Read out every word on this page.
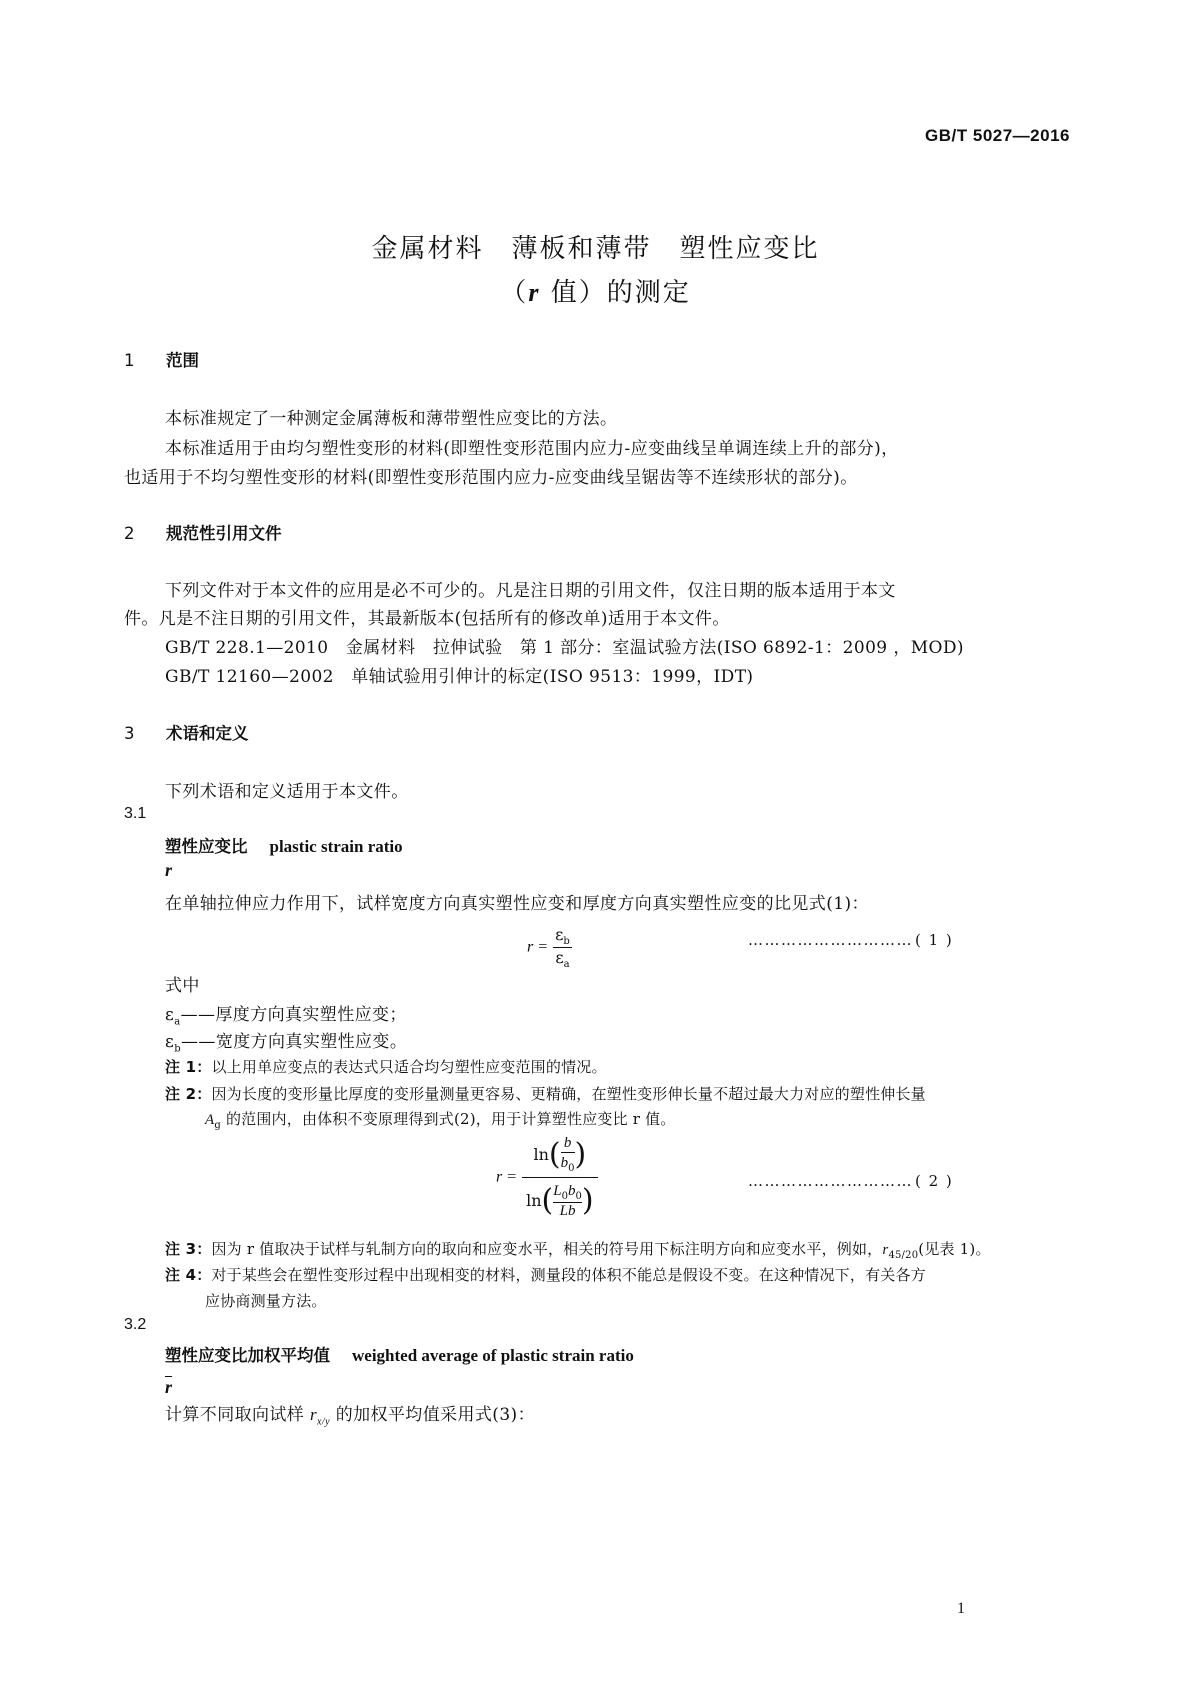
GB/T 5027—2016
金属材料　薄板和薄带　塑性应变比
（r 值）的测定
1 范围
本标准规定了一种测定金属薄板和薄带塑性应变比的方法。
本标准适用于由均匀塑性变形的材料(即塑性变形范围内应力-应变曲线呈单调连续上升的部分)，
也适用于不均匀塑性变形的材料(即塑性变形范围内应力-应变曲线呈锯齿等不连续形状的部分)。
2 规范性引用文件
下列文件对于本文件的应用是必不可少的。凡是注日期的引用文件，仅注日期的版本适用于本文
件。凡是不注日期的引用文件，其最新版本(包括所有的修改单)适用于本文件。
GB/T 228.1—2010　金属材料　拉伸试验　第 1 部分：室温试验方法(ISO 6892-1：2009 ，MOD)
GB/T 12160—2002　单轴试验用引伸计的标定(ISO 9513：1999，IDT)
3 术语和定义
下列术语和定义适用于本文件。
3.1
塑性应变比 plastic strain ratio
r
在单轴拉伸应力作用下，试样宽度方向真实塑性应变和厚度方向真实塑性应变的比见式(1)：
$r = \frac{\varepsilon_b}{\varepsilon_a}$	………………………… ( 1 )
式中
$\varepsilon_a——$厚度方向真实塑性应变；
$\varepsilon_b——$宽度方向真实塑性应变。
注 1：以上用单应变点的表达式只适合均匀塑性应变范围的情况。
注 2：因为长度的变形量比厚度的变形量测量更容易、更精确，在塑性变形伸长量不超过最大力对应的塑性伸长量
$A_g$ 的范围内，由体积不变原理得到式(2)，用于计算塑性应变比 r 值。
$r = \frac{\ln( \frac{b}{b_0} )}{\ln( \frac{L_0b_0}{Lb} )}$	………………………… ( 2 )
注 3：因为 r 值取决于试样与轧制方向的取向和应变水平，相关的符号用下标注明方向和应变水平，例如，$r_{45/20}$(见表 1)。
注 4：对于某些会在塑性变形过程中出现相变的材料，测量段的体积不能总是假设不变。在这种情况下，有关各方
应协商测量方法。
3.2
塑性应变比加权平均值 weighted average of plastic strain ratio
r
计算不同取向试样 $r_{x/y}$ 的加权平均值采用式(3)：
1
